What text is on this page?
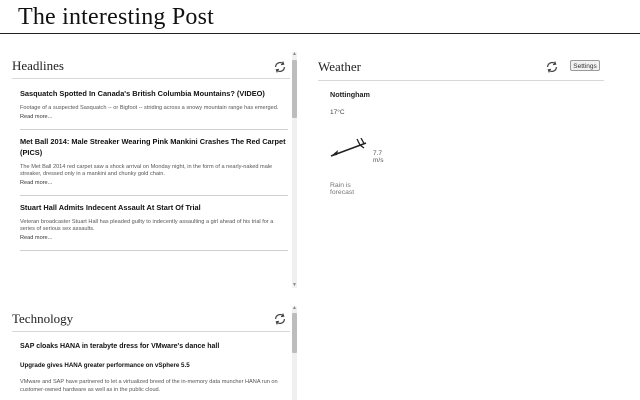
The interesting Post
Headlines

Sasquatch Spotted In Canada's British Columbia Mountains? (VIDEO)

Footage of a suspected Sasquatch -- or Bigfoot -- striding across a snowy mountain range has emerged.

Read more...

Met Ball 2014: Male Streaker Wearing Pink Mankini Crashes The Red Carpet (PICS)

The Met Ball 2014 red carpet saw a shock arrival on Monday night, in the form of a nearly-naked male streaker, dressed only in a mankini and chunky gold chain.

Read more...

Stuart Hall Admits Indecent Assault At Start Of Trial

Veteran broadcaster Stuart Hall has pleaded guilty to indecently assaulting a girl ahead of his trial for a series of serious sex assaults.

Read more...
▲
▼
Technology

SAP cloaks HANA in terabyte dress for VMware's dance hall

Upgrade gives HANA greater performance on vSphere 5.5

VMware and SAP have partnered to let a virtualized breed of the in-memory data muncher HANA run on customer-owned hardware as well as in the public cloud.

▲
Weather	Settings
Nottingham
17°C
7.7 m/s
Rain is forecast
